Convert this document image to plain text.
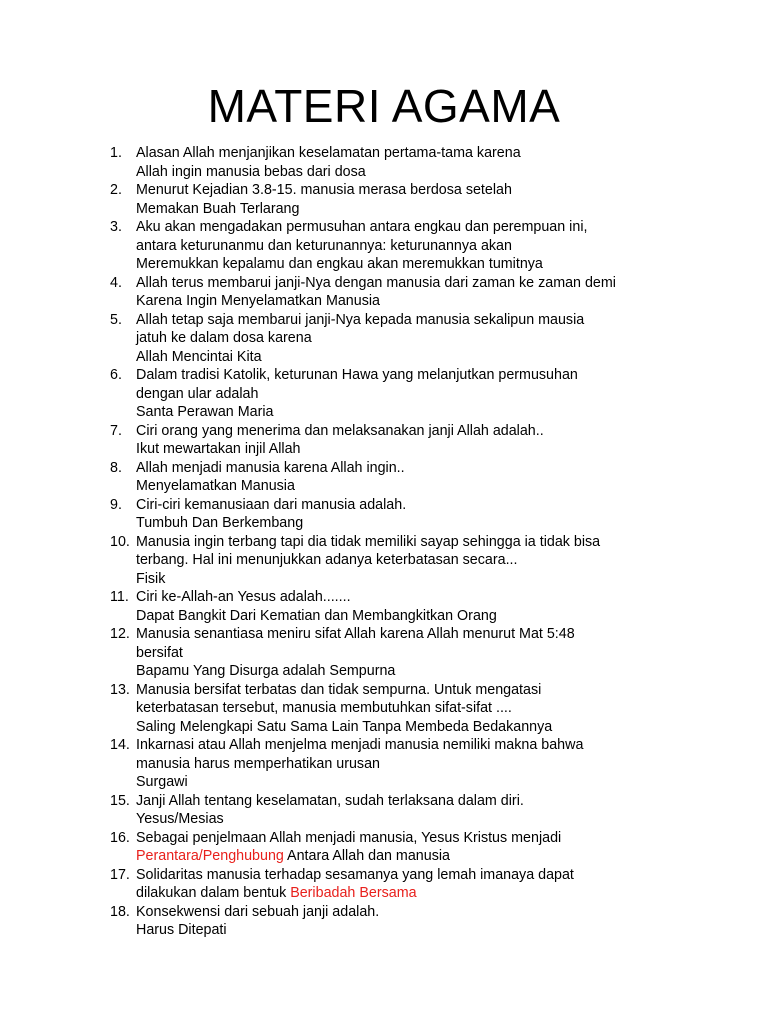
MATERI AGAMA
1. Alasan Allah menjanjikan keselamatan pertama-tama karena
Allah ingin manusia bebas dari dosa
2. Menurut Kejadian 3.8-15. manusia merasa berdosa setelah
Memakan Buah Terlarang
3. Aku akan mengadakan permusuhan antara engkau dan perempuan ini,
antara keturunanmu dan keturunannya: keturunannya akan
Meremukkan kepalamu dan engkau akan meremukkan tumitnya
4. Allah terus membarui janji-Nya dengan manusia dari zaman ke zaman demi
Karena Ingin Menyelamatkan Manusia
5. Allah tetap saja membarui janji-Nya kepada manusia sekalipun mausia
jatuh ke dalam dosa karena
Allah Mencintai Kita
6. Dalam tradisi Katolik, keturunan Hawa yang melanjutkan permusuhan
dengan ular adalah
Santa Perawan Maria
7. Ciri orang yang menerima dan melaksanakan janji Allah adalah..
Ikut mewartakan injil Allah
8. Allah menjadi manusia karena Allah ingin..
Menyelamatkan Manusia
9. Ciri-ciri kemanusiaan dari manusia adalah.
Tumbuh Dan Berkembang
10. Manusia ingin terbang tapi dia tidak memiliki sayap sehingga ia tidak bisa
terbang. Hal ini menunjukkan adanya keterbatasan secara...
Fisik
11. Ciri ke-Allah-an Yesus adalah.......
Dapat Bangkit Dari Kematian dan Membangkitkan Orang
12. Manusia senantiasa meniru sifat Allah karena Allah menurut Mat 5:48
bersifat
Bapamu Yang Disurga adalah Sempurna
13. Manusia bersifat terbatas dan tidak sempurna. Untuk mengatasi
keterbatasan tersebut, manusia membutuhkan sifat-sifat ....
Saling Melengkapi Satu Sama Lain Tanpa Membeda Bedakannya
14. Inkarnasi atau Allah menjelma menjadi manusia nemiliki makna bahwa
manusia harus memperhatikan urusan
Surgawi
15. Janji Allah tentang keselamatan, sudah terlaksana dalam diri.
Yesus/Mesias
16. Sebagai penjelmaan Allah menjadi manusia, Yesus Kristus menjadi
Perantara/Penghubung Antara Allah dan manusia
17. Solidaritas manusia terhadap sesamanya yang lemah imanaya dapat
dilakukan dalam bentuk Beribadah Bersama
18. Konsekwensi dari sebuah janji adalah.
Harus Ditepati
